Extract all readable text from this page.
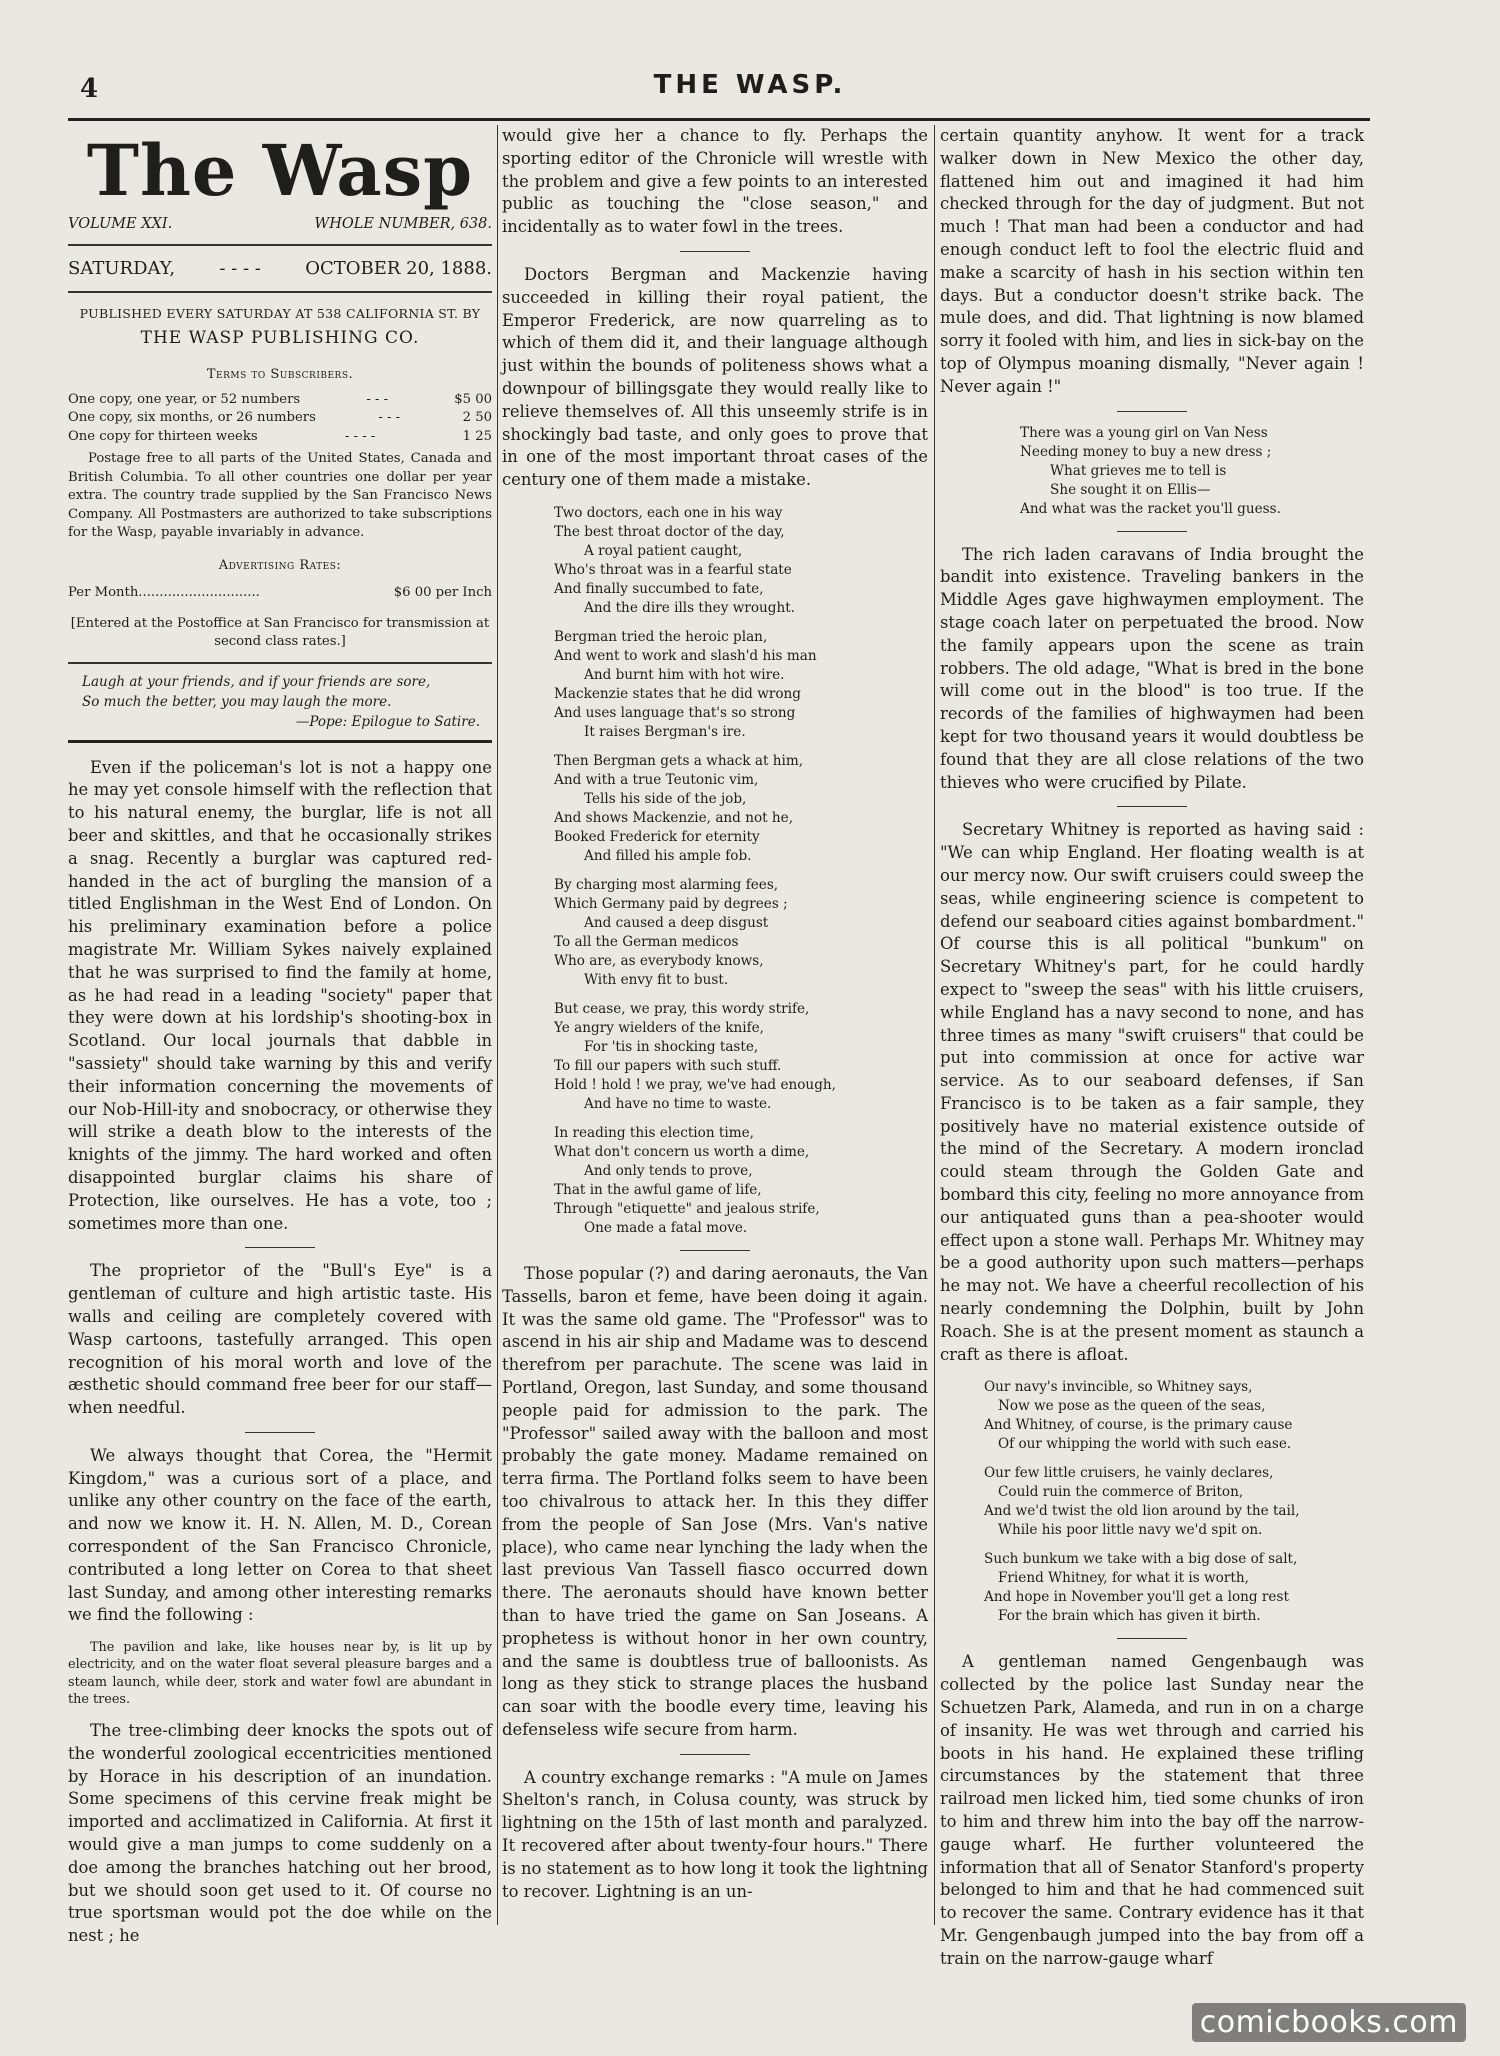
4	THE WASP.
The Wasp
VOLUME XXI.	WHOLE NUMBER, 638.
SATURDAY, - - - - OCTOBER 20, 1888.
PUBLISHED EVERY SATURDAY AT 538 CALIFORNIA ST. BY
THE WASP PUBLISHING CO.
Terms to Subscribers.
One copy, one year, or 52 numbers	- - -	$5 00
One copy, six months, or 26 numbers	- - -	2 50
One copy for thirteen weeks	- - - -	1 25
Postage free to all parts of the United States, Canada and British Columbia. To all other countries one dollar per year extra. The country trade supplied by the San Francisco News Company. All Postmasters are authorized to take subscriptions for the Wasp, payable invariably in advance.
Advertising Rates:
Per Month.............................	$6 00 per Inch
[Entered at the Postoffice at San Francisco for transmission at second class rates.]
Laugh at your friends, and if your friends are sore,
So much the better, you may laugh the more.
—Pope: Epilogue to Satire.

Even if the policeman's lot is not a happy one he may yet console himself with the reflection that to his natural enemy, the burglar, life is not all beer and skittles, and that he occasionally strikes a snag. Recently a burglar was captured red-handed in the act of burgling the mansion of a titled Englishman in the West End of London. On his preliminary examination before a police magistrate Mr. William Sykes naively explained that he was surprised to find the family at home, as he had read in a leading "society" paper that they were down at his lordship's shooting-box in Scotland. Our local journals that dabble in "sassiety" should take warning by this and verify their information concerning the movements of our Nob-Hill-ity and snobocracy, or otherwise they will strike a death blow to the interests of the knights of the jimmy. The hard worked and often disappointed burglar claims his share of Protection, like ourselves. He has a vote, too ; sometimes more than one.

The proprietor of the "Bull's Eye" is a gentleman of culture and high artistic taste. His walls and ceiling are completely covered with Wasp cartoons, tastefully arranged. This open recognition of his moral worth and love of the æsthetic should command free beer for our staff—when needful.

We always thought that Corea, the "Hermit Kingdom," was a curious sort of a place, and unlike any other country on the face of the earth, and now we know it. H. N. Allen, M. D., Corean correspondent of the San Francisco Chronicle, contributed a long letter on Corea to that sheet last Sunday, and among other interesting remarks we find the following :

The pavilion and lake, like houses near by, is lit up by electricity, and on the water float several pleasure barges and a steam launch, while deer, stork and water fowl are abundant in the trees.

The tree-climbing deer knocks the spots out of the wonderful zoological eccentricities mentioned by Horace in his description of an inundation. Some specimens of this cervine freak might be imported and acclimatized in California. At first it would give a man jumps to come suddenly on a doe among the branches hatching out her brood, but we should soon get used to it. Of course no true sportsman would pot the doe while on the nest ; he

would give her a chance to fly. Perhaps the sporting editor of the Chronicle will wrestle with the problem and give a few points to an interested public as touching the "close season," and incidentally as to water fowl in the trees.

Doctors Bergman and Mackenzie having succeeded in killing their royal patient, the Emperor Frederick, are now quarreling as to which of them did it, and their language although just within the bounds of politeness shows what a downpour of billingsgate they would really like to relieve themselves of. All this unseemly strife is in shockingly bad taste, and only goes to prove that in one of the most important throat cases of the century one of them made a mistake.

Two doctors, each one in his way
The best throat doctor of the day,
A royal patient caught,
Who's throat was in a fearful state
And finally succumbed to fate,
And the dire ills they wrought.
Bergman tried the heroic plan,
And went to work and slash'd his man
And burnt him with hot wire.
Mackenzie states that he did wrong
And uses language that's so strong
It raises Bergman's ire.
Then Bergman gets a whack at him,
And with a true Teutonic vim,
Tells his side of the job,
And shows Mackenzie, and not he,
Booked Frederick for eternity
And filled his ample fob.
By charging most alarming fees,
Which Germany paid by degrees ;
And caused a deep disgust
To all the German medicos
Who are, as everybody knows,
With envy fit to bust.
But cease, we pray, this wordy strife,
Ye angry wielders of the knife,
For 'tis in shocking taste,
To fill our papers with such stuff.
Hold ! hold ! we pray, we've had enough,
And have no time to waste.
In reading this election time,
What don't concern us worth a dime,
And only tends to prove,
That in the awful game of life,
Through "etiquette" and jealous strife,
One made a fatal move.

Those popular (?) and daring aeronauts, the Van Tassells, baron et feme, have been doing it again. It was the same old game. The "Professor" was to ascend in his air ship and Madame was to descend therefrom per parachute. The scene was laid in Portland, Oregon, last Sunday, and some thousand people paid for admission to the park. The "Professor" sailed away with the balloon and most probably the gate money. Madame remained on terra firma. The Portland folks seem to have been too chivalrous to attack her. In this they differ from the people of San Jose (Mrs. Van's native place), who came near lynching the lady when the last previous Van Tassell fiasco occurred down there. The aeronauts should have known better than to have tried the game on San Joseans. A prophetess is without honor in her own country, and the same is doubtless true of balloonists. As long as they stick to strange places the husband can soar with the boodle every time, leaving his defenseless wife secure from harm.

A country exchange remarks : "A mule on James Shelton's ranch, in Colusa county, was struck by lightning on the 15th of last month and paralyzed. It recovered after about twenty-four hours." There is no statement as to how long it took the lightning to recover. Lightning is an un-

certain quantity anyhow. It went for a track walker down in New Mexico the other day, flattened him out and imagined it had him checked through for the day of judgment. But not much ! That man had been a conductor and had enough conduct left to fool the electric fluid and make a scarcity of hash in his section within ten days. But a conductor doesn't strike back. The mule does, and did. That lightning is now blamed sorry it fooled with him, and lies in sick-bay on the top of Olympus moaning dismally, "Never again ! Never again !"

There was a young girl on Van Ness
Needing money to buy a new dress ;
What grieves me to tell is
She sought it on Ellis—
And what was the racket you'll guess.

The rich laden caravans of India brought the bandit into existence. Traveling bankers in the Middle Ages gave highwaymen employment. The stage coach later on perpetuated the brood. Now the family appears upon the scene as train robbers. The old adage, "What is bred in the bone will come out in the blood" is too true. If the records of the families of highwaymen had been kept for two thousand years it would doubtless be found that they are all close relations of the two thieves who were crucified by Pilate.

Secretary Whitney is reported as having said : "We can whip England. Her floating wealth is at our mercy now. Our swift cruisers could sweep the seas, while engineering science is competent to defend our seaboard cities against bombardment." Of course this is all political "bunkum" on Secretary Whitney's part, for he could hardly expect to "sweep the seas" with his little cruisers, while England has a navy second to none, and has three times as many "swift cruisers" that could be put into commission at once for active war service. As to our seaboard defenses, if San Francisco is to be taken as a fair sample, they positively have no material existence outside of the mind of the Secretary. A modern ironclad could steam through the Golden Gate and bombard this city, feeling no more annoyance from our antiquated guns than a pea-shooter would effect upon a stone wall. Perhaps Mr. Whitney may be a good authority upon such matters—perhaps he may not. We have a cheerful recollection of his nearly condemning the Dolphin, built by John Roach. She is at the present moment as staunch a craft as there is afloat.

Our navy's invincible, so Whitney says,
Now we pose as the queen of the seas,
And Whitney, of course, is the primary cause
Of our whipping the world with such ease.
Our few little cruisers, he vainly declares,
Could ruin the commerce of Briton,
And we'd twist the old lion around by the tail,
While his poor little navy we'd spit on.
Such bunkum we take with a big dose of salt,
Friend Whitney, for what it is worth,
And hope in November you'll get a long rest
For the brain which has given it birth.

A gentleman named Gengenbaugh was collected by the police last Sunday near the Schuetzen Park, Alameda, and run in on a charge of insanity. He was wet through and carried his boots in his hand. He explained these trifling circumstances by the statement that three railroad men licked him, tied some chunks of iron to him and threw him into the bay off the narrow-gauge wharf. He further volunteered the information that all of Senator Stanford's property belonged to him and that he had commenced suit to recover the same. Contrary evidence has it that Mr. Gengenbaugh jumped into the bay from off a train on the narrow-gauge wharf

comicbooks.com
